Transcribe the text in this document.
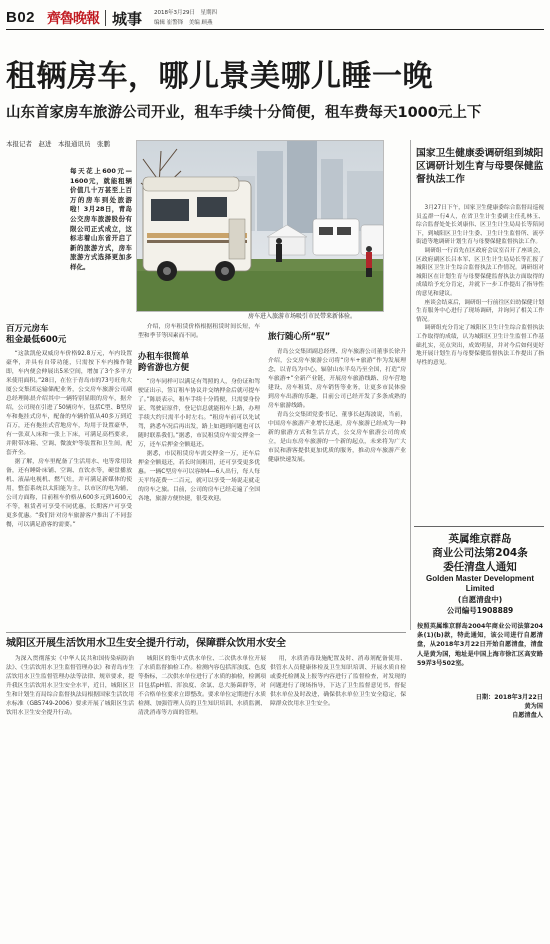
B02 齊魯晚報 城事 2018年3月29日　星期四
编辑 崔警锋　美编 顾燕
租辆房车，哪儿景美哪儿睡一晚
山东首家房车旅游公司开业，租车手续十分简便，租车费每天1000元上下
本报记者　赵进　本报通讯员　张鹏
每天花上600元—1600元，就能租辆价值几十万甚至上百万的房车到处旅游啦！3月28日，青岛公交房车旅游股份有限公司正式成立，这标志着山东省开启了新的旅游方式，房车旅游方式选择更加多样化。
房车进入旅游市场吸引市民带来新体验。
百万元房车
租金最低600元
办租车很简单
跨省游也方便
旅行随心所“驭”

“这款凯伦双威房车价格92.8万元，车内设置豪华，并具有自带功能，只需按下车内操作键即，车内便会伸展出5米空间，增加了3个多平方米使用面积。”28日，在位于青岛市的73号旺角大厦公交集团运输储配业务，公交房车旅游公司副总经理陈晨介绍其中一辆特别显眼的房车，据介绍，公司现在引进了50辆房车，包括C型、B型房车和拖挂式房车，配备的车辆价值从40多万到近百万，还有拖挂式营地房车，均用于设置豪华，有一张双人床和一张上下床，可满足高档要求，并附带冰箱、空调、微波炉等装置和卫生间，配套齐全。

据了解，房车里配备了生活用水、电等常用设备，还有睡卧床铺、空调、直饮水等，硬盘播放机、液晶电视机、燃气灶，并可满足新媒体的使用，整套系统以太阳能为主，以市区的电为辅，公司方面称，目前租车价格从600多元到1600元不等，租赁者可享受不同优惠，长期客户可享受更多优惠。“我们针对房车旅游客户推出了不同套餐，可以满足游客的需要。”

介绍，房车租赁价格根据租赁时间长短，车型和季节等因素而不同。

“房车同样可以满足有驾照的人，身份证和驾驶证出示，签订租车协议并交纳押金后就可提车了。”陈晨表示，租车手续十分简便，只需要身份证、驾驶证原件，登记信息就能租车上路，办理手续大约只需半小时左右。“租房车前可以先试驾，熟悉车况后再出发，路上如遇到问题也可以随时联系我们。”据悉，市民租赁房车需交押金一万，还车后押金全额退还。

据悉，市民租赁房车需交押金一万，还车后押金全额退还，若长时间租用，还可享受更多优惠。一辆C型房车可以容纳4—6人出行，每人每天平均花费一二百元，就可以享受一场说走就走的房车之旅。目前，公司的房车已经走遍了全国各地，旅游方便快捷，很受欢迎。

青岛公交集团副总经理、房车旅游公司董事长徐升介绍，公交房车旅游公司将“房车+旅游”作为发展理念，以青岛为中心，辐射山东半岛乃至全国，打造“房车旅游+”全新产业链，开展房车旅游线路、房车营地建设、房车租赁、房车销售等业务，让更多市民体验到房车出游的乐趣，目前公司已经开发了多条成熟的房车旅游线路。

青岛公交集团党委书记、董事长赵海波说，当前，中国房车旅游产业增长迅速，房车旅游已经成为一种新的旅游方式和生活方式，公交房车旅游公司的成立，是山东房车旅游的一个新的起点，未来将为广大市民和游客提供更加优质的服务，推动房车旅游产业健康快速发展。

国家卫生健康委调研组到城阳区调研计划生育与母婴保健监督执法工作

3月27日下午，国家卫生健康委综合监督局巡视员孟群一行4人，在省卫生计生委副主任孔林玉、综合监督处处长刘康伟、区卫生计生局局长等陪同下，到城阳区卫生计生委、卫生计生监督所、流亭街道等地调研计划生育与母婴保健监督执法工作。

调研组一行首先在区政府会议室召开了座谈会，区政府副区长吕本军、区卫生计生局局长等汇报了城阳区卫生计生综合监督执法工作情况。调研组对城阳区在计划生育与母婴保健监督执法方面取得的成绩给予充分肯定，并就下一步工作提出了指导性的意见和建议。

座谈会结束后，调研组一行前往区妇幼保健计划生育服务中心进行了现场调研，并询问了相关工作情况。

调研组充分肯定了城阳区卫生计生综合监督执法工作取得的成绩，认为城阳区卫生计生监督工作基础扎实，亮点突出，成效明显，并对今后如何更好地开展计划生育与母婴保健监督执法工作提出了指导性的意见。

英属维京群岛
商业公司法第204条
委任清盘人通知
Golden Master Development Limited
(自愿清盘中)
公司编号1908889
按照英属维京群岛2004年商业公司法第204条(1)(b)款，特此通知，该公司进行自愿清盘，从2018年3月22日开始自愿清盘，清盘人是黄为国，地址是中国上海市徐汇区高安路59弄3号502室。
日期：2018年3月22日
黄为国
自愿清盘人
城阳区开展生活饮用水卫生安全提升行动，保障群众饮用水安全

为深入贯彻落实《中华人民共和国传染病防治法》、《生活饮用水卫生监督管理办法》和青岛市生活饮用水卫生监督管理办法等法律、规章要求，提升我区生活饮用水卫生安全水平，近日，城阳区卫生和计划生育局综合监督执法局根据国家生活饮用水标准（GB5749-2006）要求开展了城阳区生活饮用水卫生安全提升行动。

城阳区的集中式供水单位、二次供水单位开展了水质监督抽检工作。检测内容包括浑浊度、色度等指标，二次供水单位进行了水质的抽检，检测项目包括pH值、浑浊度、余氯、总大肠菌群等，对不合格单位要求立即整改。要求单位定期进行水质检测、加强管理人员的卫生知识培训、水质监测、清洗消毒等方面的管理。

用，水质消毒设施配置及时、消毒剂配备使用、供管水人员健康体检及卫生知识培训、开展水质自检或委托检测及上报等内容进行了监督检查，对发现的问题进行了现场指导，下达了卫生监督意见书，督促供水单位及时改进，确保供水单位卫生安全稳定，保障群众饮用水卫生安全。
